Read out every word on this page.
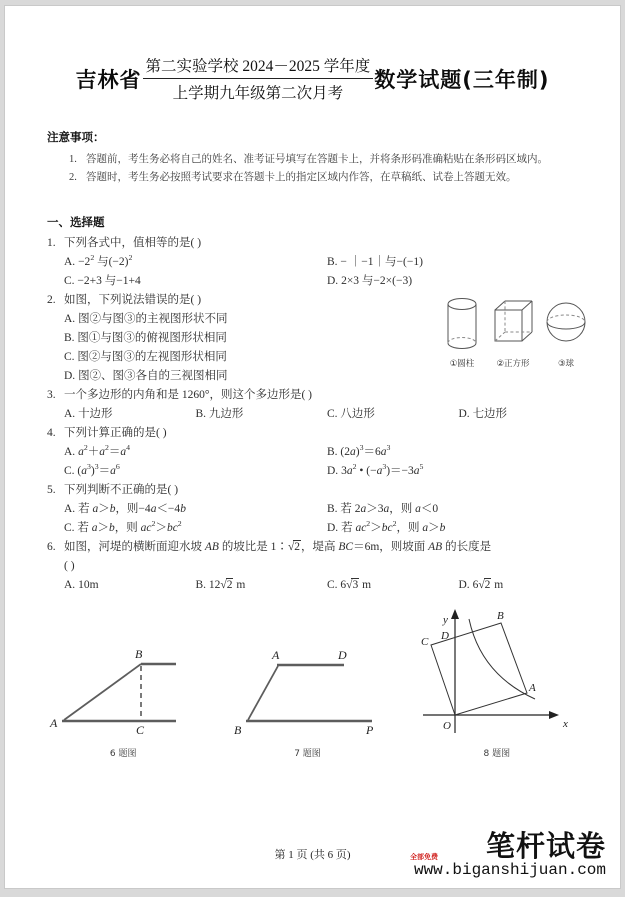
吉林省 $\frac{\text{第二实验学校 2024－2025 学年度}}{\text{上学期九年级第二次月考}}$ 数学试题(三年制)
注意事项：
1. 答题前，考生务必将自己的姓名、准考证号填写在答题卡上，并将条形码准确粘贴在条形码区域内。
2. 答题时，考生务必按照考试要求在答题卡上的指定区域内作答，在草稿纸、试卷上答题无效。
一、选择题
1. 下列各式中，值相等的是( )
A. $-2^2$ 与$(-2)^2$	B. − ｜−1｜与−(−1)
C. −2+3 与−1+4	D. 2×3 与−2×(−3)
2. 如图，下列说法错误的是( )
A. 图②与图③的主视图形状不同
B. 图①与图③的俯视图形状相同
C. 图②与图③的左视图形状相同
D. 图②、图③各自的三视图相同
①圆柱	②正方形	③球
3. 一个多边形的内角和是 1260°，则这个多边形是( )
A. 十边形	B. 九边形	C. 八边形	D. 七边形
4. 下列计算正确的是( )
A. $a^2+a^2=a^4$	B. $(2a)^3=6a^3$
C. $(a^3)^3=a^6$	D. $3a^2$ • $(-a^3)=-3a^5$
5. 下列判断不正确的是( )
A. 若 a＞b，则−4a＜−4b	B. 若 2a＞3a，则 a＜0
C. 若 a＞b，则 $ac^2>bc^2$	D. 若 $ac^2>bc^2$，则 a＞b
6. 如图，河堤的横断面迎水坡 AB 的坡比是 1∶√2，堤高 BC＝6m，则坡面 AB 的长度是
( )
A. 10m	B. 12√2 m	C. 6√3 m	D. 6√2 m
A
B
C
6 题图
A	D
B	P
7 题图
y
x
O
C D
B
A
8 题图
第 1 页 (共 6 页)	笔杆试卷
全部免费
www.biganshijuan.com
